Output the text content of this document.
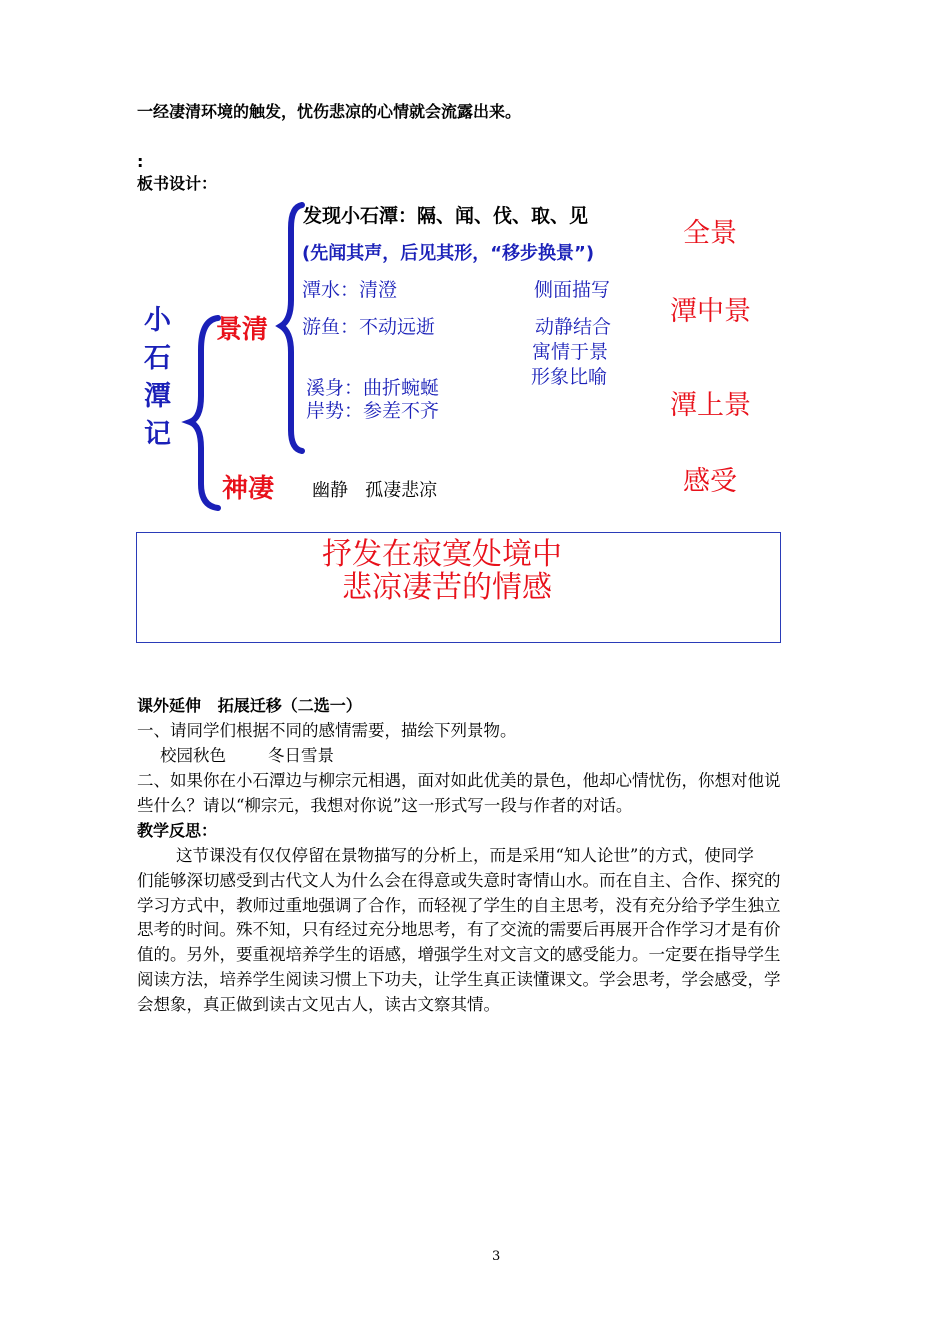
一经凄清环境的触发，忧伤悲凉的心情就会流露出来。
:
板书设计：
小
石
潭
记
景清
神凄
发现小石潭：隔、闻、伐、取、见
(先闻其声，后见其形，“移步换景”)
潭水：清澄
游鱼：不动远逝
溪身：曲折蜿蜒
岸势：参差不齐
侧面描写
动静结合
寓情于景
形象比喻
幽静   孤凄悲凉
全景
潭中景
潭上景
感受
抒发在寂寞处境中
悲凉凄苦的情感
课外延伸   拓展迁移（二选一）
一、请同学们根据不同的感情需要，描绘下列景物。
校园秋色        冬日雪景
二、如果你在小石潭边与柳宗元相遇，面对如此优美的景色，他却心情忧伤，你想对他说
些什么？请以“柳宗元，我想对你说”这一形式写一段与作者的对话。
教学反思：
这节课没有仅仅停留在景物描写的分析上，而是采用“知人论世”的方式，使同学
们能够深切感受到古代文人为什么会在得意或失意时寄情山水。而在自主、合作、探究的
学习方式中，教师过重地强调了合作，而轻视了学生的自主思考，没有充分给予学生独立
思考的时间。殊不知，只有经过充分地思考，有了交流的需要后再展开合作学习才是有价
值的。另外，要重视培养学生的语感，增强学生对文言文的感受能力。一定要在指导学生
阅读方法，培养学生阅读习惯上下功夫，让学生真正读懂课文。学会思考，学会感受，学
会想象，真正做到读古文见古人，读古文察其情。
3
